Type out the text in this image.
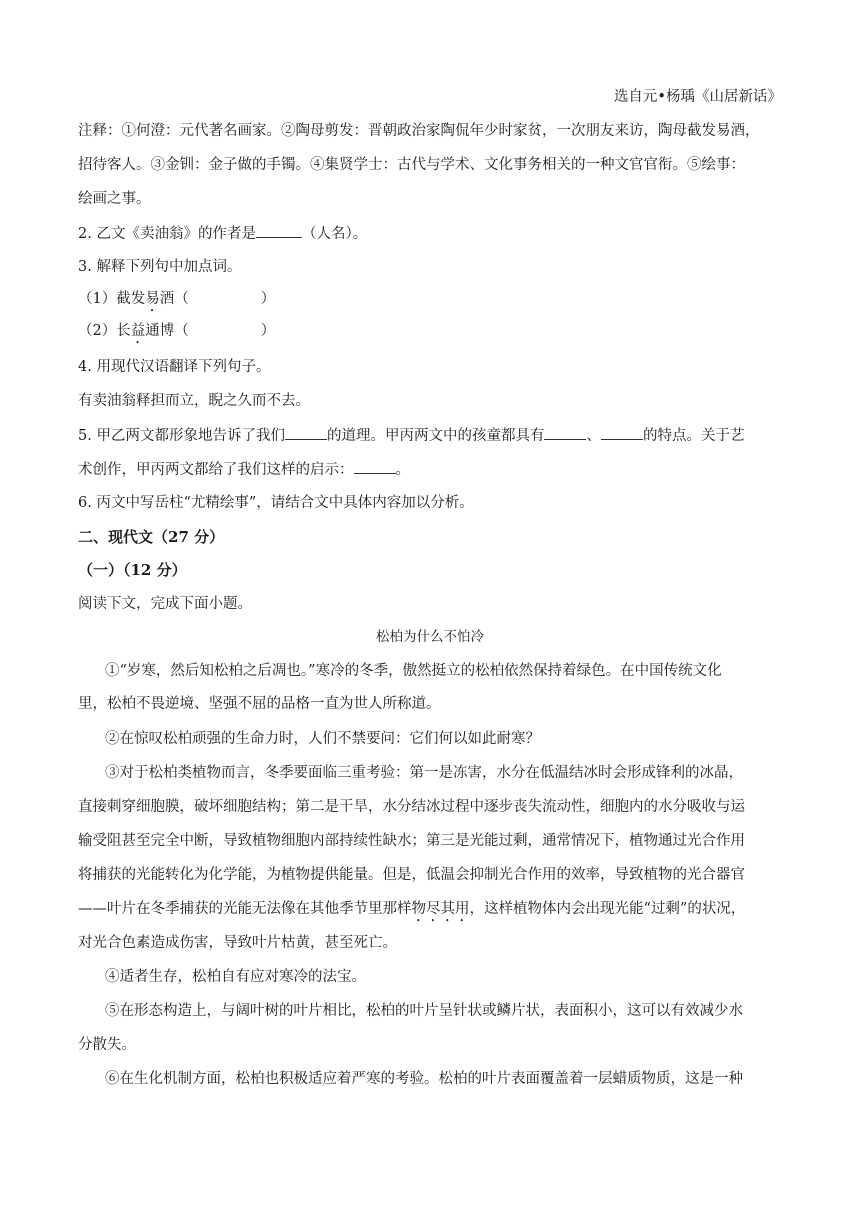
选自元•杨瑀《山居新话》
注释：①何澄：元代著名画家。②陶母剪发：晋朝政治家陶侃年少时家贫，一次朋友来访，陶母截发易酒，
招待客人。③金钏：金子做的手镯。④集贤学士：古代与学术、文化事务相关的一种文官官衔。⑤绘事：
绘画之事。
2. 乙文《卖油翁》的作者是	（人名）。
3. 解释下列句中加点词。
（1）截发易酒（	）
（2）长益通博（	）
4. 用现代汉语翻译下列句子。
有卖油翁释担而立，睨之久而不去。
5. 甲乙两文都形象地告诉了我们	的道理。甲丙两文中的孩童都具有	、	的特点。关于艺
术创作，甲丙两文都给了我们这样的启示：	。
6. 丙文中写岳柱“尤精绘事”，请结合文中具体内容加以分析。
二、现代文（27 分）
（一）（12 分）
阅读下文，完成下面小题。
松柏为什么不怕冷
①“岁寒，然后知松柏之后凋也。”寒冷的冬季，傲然挺立的松柏依然保持着绿色。在中国传统文化
里，松柏不畏逆境、坚强不屈的品格一直为世人所称道。
②在惊叹松柏顽强的生命力时，人们不禁要问：它们何以如此耐寒？
③对于松柏类植物而言，冬季要面临三重考验：第一是冻害，水分在低温结冰时会形成锋利的冰晶，
直接刺穿细胞膜，破坏细胞结构；第二是干旱，水分结冰过程中逐步丧失流动性，细胞内的水分吸收与运
输受阻甚至完全中断，导致植物细胞内部持续性缺水；第三是光能过剩，通常情况下，植物通过光合作用
将捕获的光能转化为化学能，为植物提供能量。但是，低温会抑制光合作用的效率，导致植物的光合器官
——叶片在冬季捕获的光能无法像在其他季节里那样物尽其用，这样植物体内会出现光能“过剩”的状况，
对光合色素造成伤害，导致叶片枯黄，甚至死亡。
④适者生存，松柏自有应对寒冷的法宝。
⑤在形态构造上，与阔叶树的叶片相比，松柏的叶片呈针状或鳞片状，表面积小，这可以有效减少水
分散失。
⑥在生化机制方面，松柏也积极适应着严寒的考验。松柏的叶片表面覆盖着一层蜡质物质，这是一种
